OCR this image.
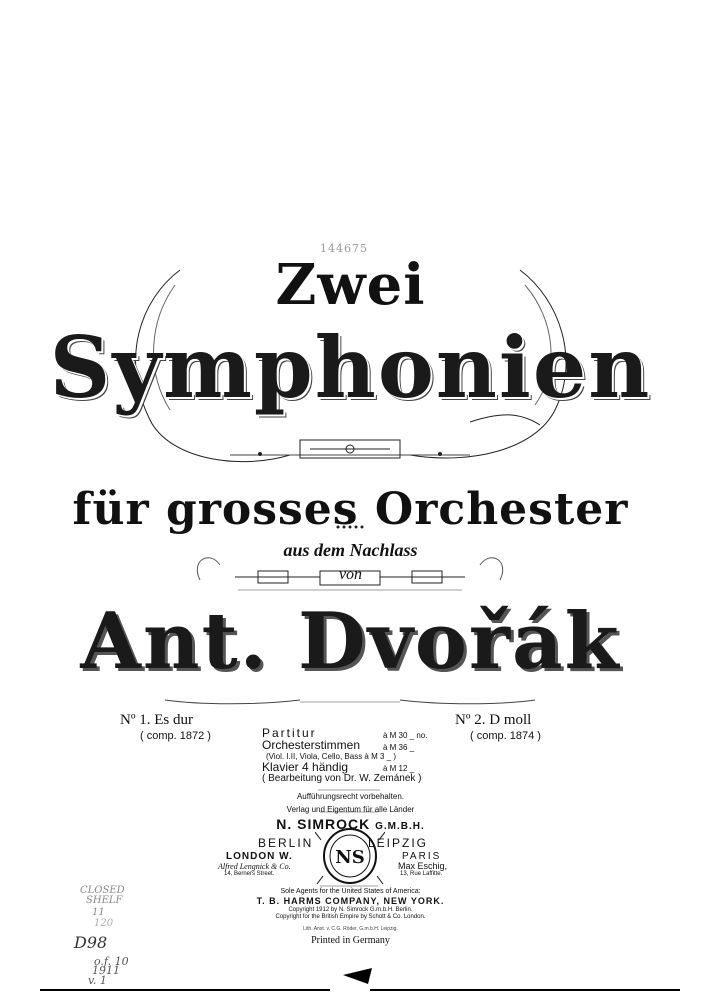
144675
Zwei
Symphonien
für grosses Orchester
aus dem Nachlass
von
Ant. Dvořák
Nº 1. Es dur
( comp. 1872 )
Nº 2. D moll
( comp. 1874 )
Partitur	à M 30 _ no.
Orchesterstimmen	à M 36 _
(Viol. I.II, Viola, Cello, Bass à M 3 _ )
Klavier 4 händig	à M 12 _
( Bearbeitung von Dr. W. Zemánek )
Aufführungsrecht vorbehalten.
Verlag und Eigentum für alle Länder
N. SIMROCK G.M.B.H.
BERLIN	LEIPZIG
LONDON W.
Alfred Lengnick & Co.
14, Berners Street.
PARIS
Max Eschig,
13, Rue Laffitte.
NS
Sole Agents for the United States of America:
T. B. HARMS COMPANY, NEW YORK.
Copyright 1912 by N. Simrock G.m.b.H. Berlin.
Copyright for the British Empire by Schott & Co. London.
Lith. Anst. v. C.G. Röder, G.m.b.H. Leipzig.
Printed in Germany
CLOSED
SHELF
11
120
D98
o.f. 10
1911
v. 1
